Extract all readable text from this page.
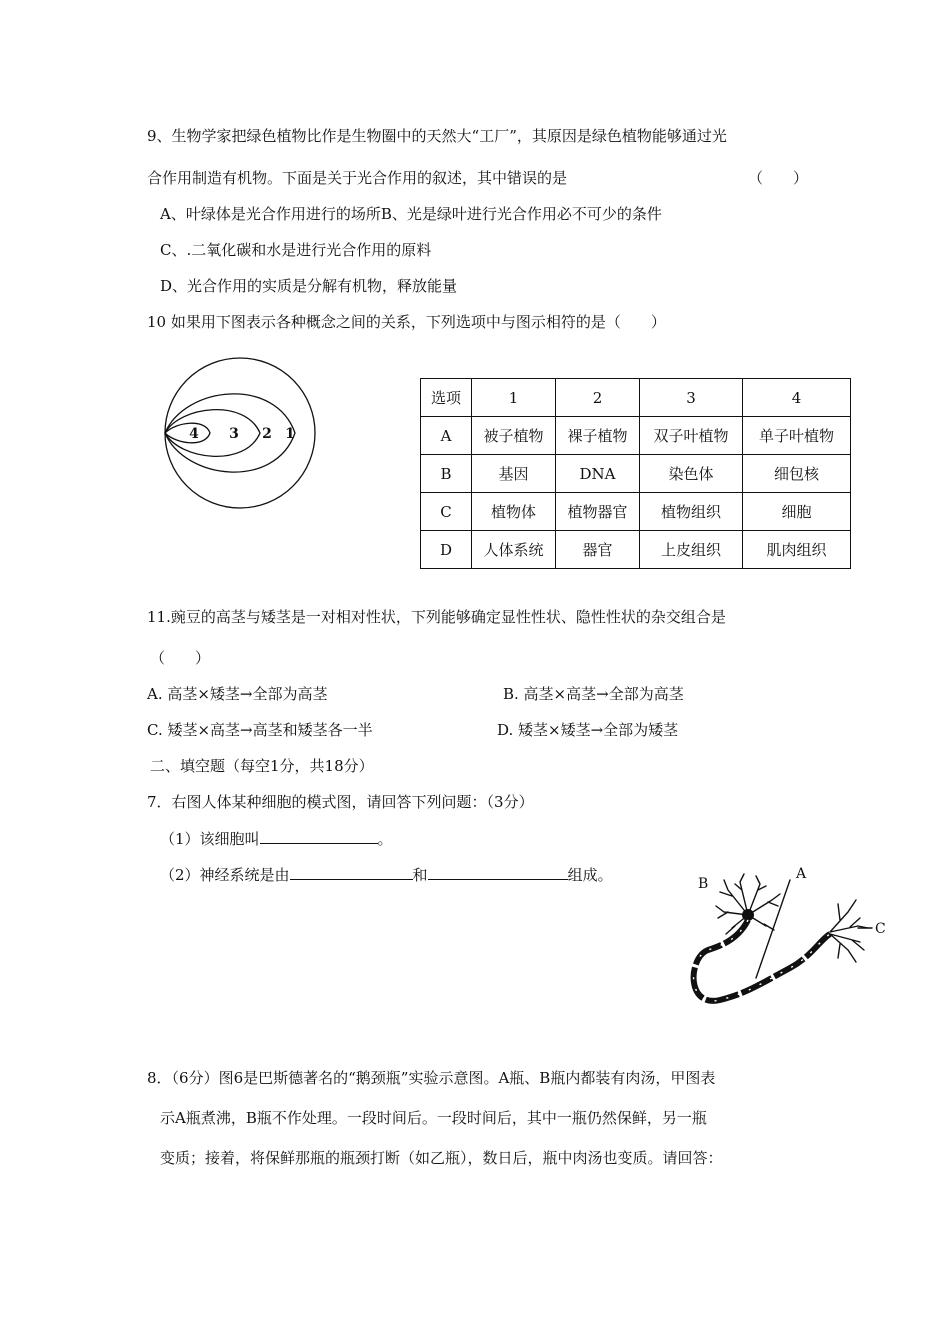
9、生物学家把绿色植物比作是生物圈中的天然大“工厂”，其原因是绿色植物能够通过光
合作用制造有机物。下面是关于光合作用的叙述，其中错误的是	（　　）
A、叶绿体是光合作用进行的场所B、光是绿叶进行光合作用必不可少的条件
C、.二氧化碳和水是进行光合作用的原料
D、光合作用的实质是分解有机物，释放能量
10 如果用下图表示各种概念之间的关系，下列选项中与图示相符的是（　　）
4 3 2 1
选项	1	2	3	4
A	被子植物	裸子植物	双子叶植物	单子叶植物
B	基因	DNA	染色体	细包核
C	植物体	植物器官	植物组织	细胞
D	人体系统	器官	上皮组织	肌肉组织
11.豌豆的高茎与矮茎是一对相对性状，下列能够确定显性性状、隐性性状的杂交组合是
（　　）
A. 高茎×矮茎→全部为高茎	B. 高茎×高茎→全部为高茎
C. 矮茎×高茎→高茎和矮茎各一半	D. 矮茎×矮茎→全部为矮茎
二、填空题（每空1分，共18分）
7．右图人体某种细胞的模式图，请回答下列问题：（3分）
（1）该细胞叫	。
（2）神经系统是由	和	组成。	B
A
C
8．（6分）图6是巴斯德著名的“鹅颈瓶”实验示意图。A瓶、B瓶内都装有肉汤，甲图表
示A瓶煮沸，B瓶不作处理。一段时间后。一段时间后，其中一瓶仍然保鲜，另一瓶
变质；接着，将保鲜那瓶的瓶颈打断（如乙瓶），数日后，瓶中肉汤也变质。请回答：
